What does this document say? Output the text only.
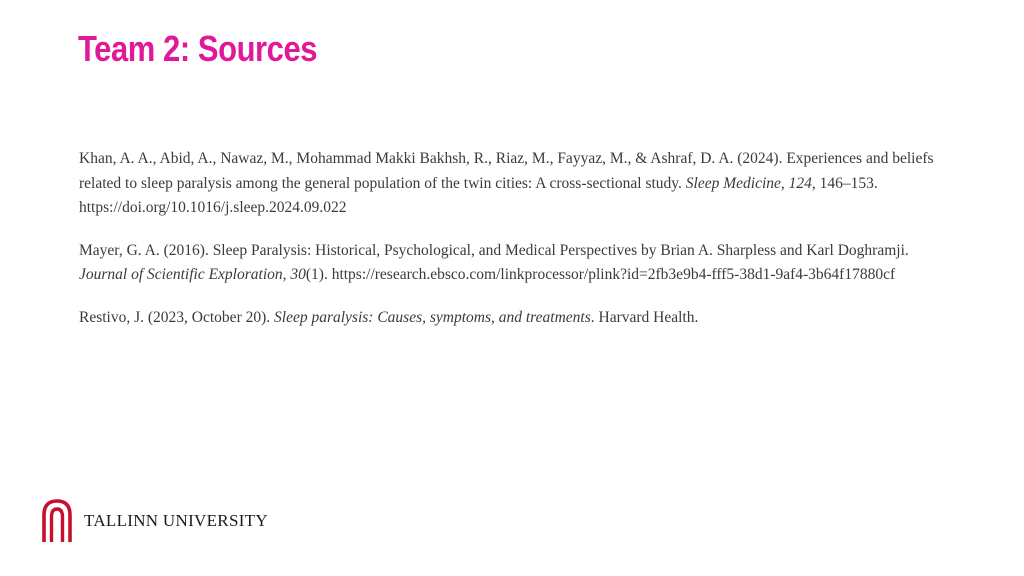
Team 2: Sources

Khan, A. A., Abid, A., Nawaz, M., Mohammad Makki Bakhsh, R., Riaz, M., Fayyaz, M., & Ashraf, D. A. (2024). Experiences and beliefs related to sleep paralysis among the general population of the twin cities: A cross-sectional study. Sleep Medicine, 124, 146–153. https://doi.org/10.1016/j.sleep.2024.09.022

Mayer, G. A. (2016). Sleep Paralysis: Historical, Psychological, and Medical Perspectives by Brian A. Sharpless and Karl Doghramji. Journal of Scientific Exploration, 30(1). https://research.ebsco.com/linkprocessor/plink?id=2fb3e9b4-fff5-38d1-9af4-3b64f17880cf

Restivo, J. (2023, October 20). Sleep paralysis: Causes, symptoms, and treatments. Harvard Health.

TALLINN UNIVERSITY
